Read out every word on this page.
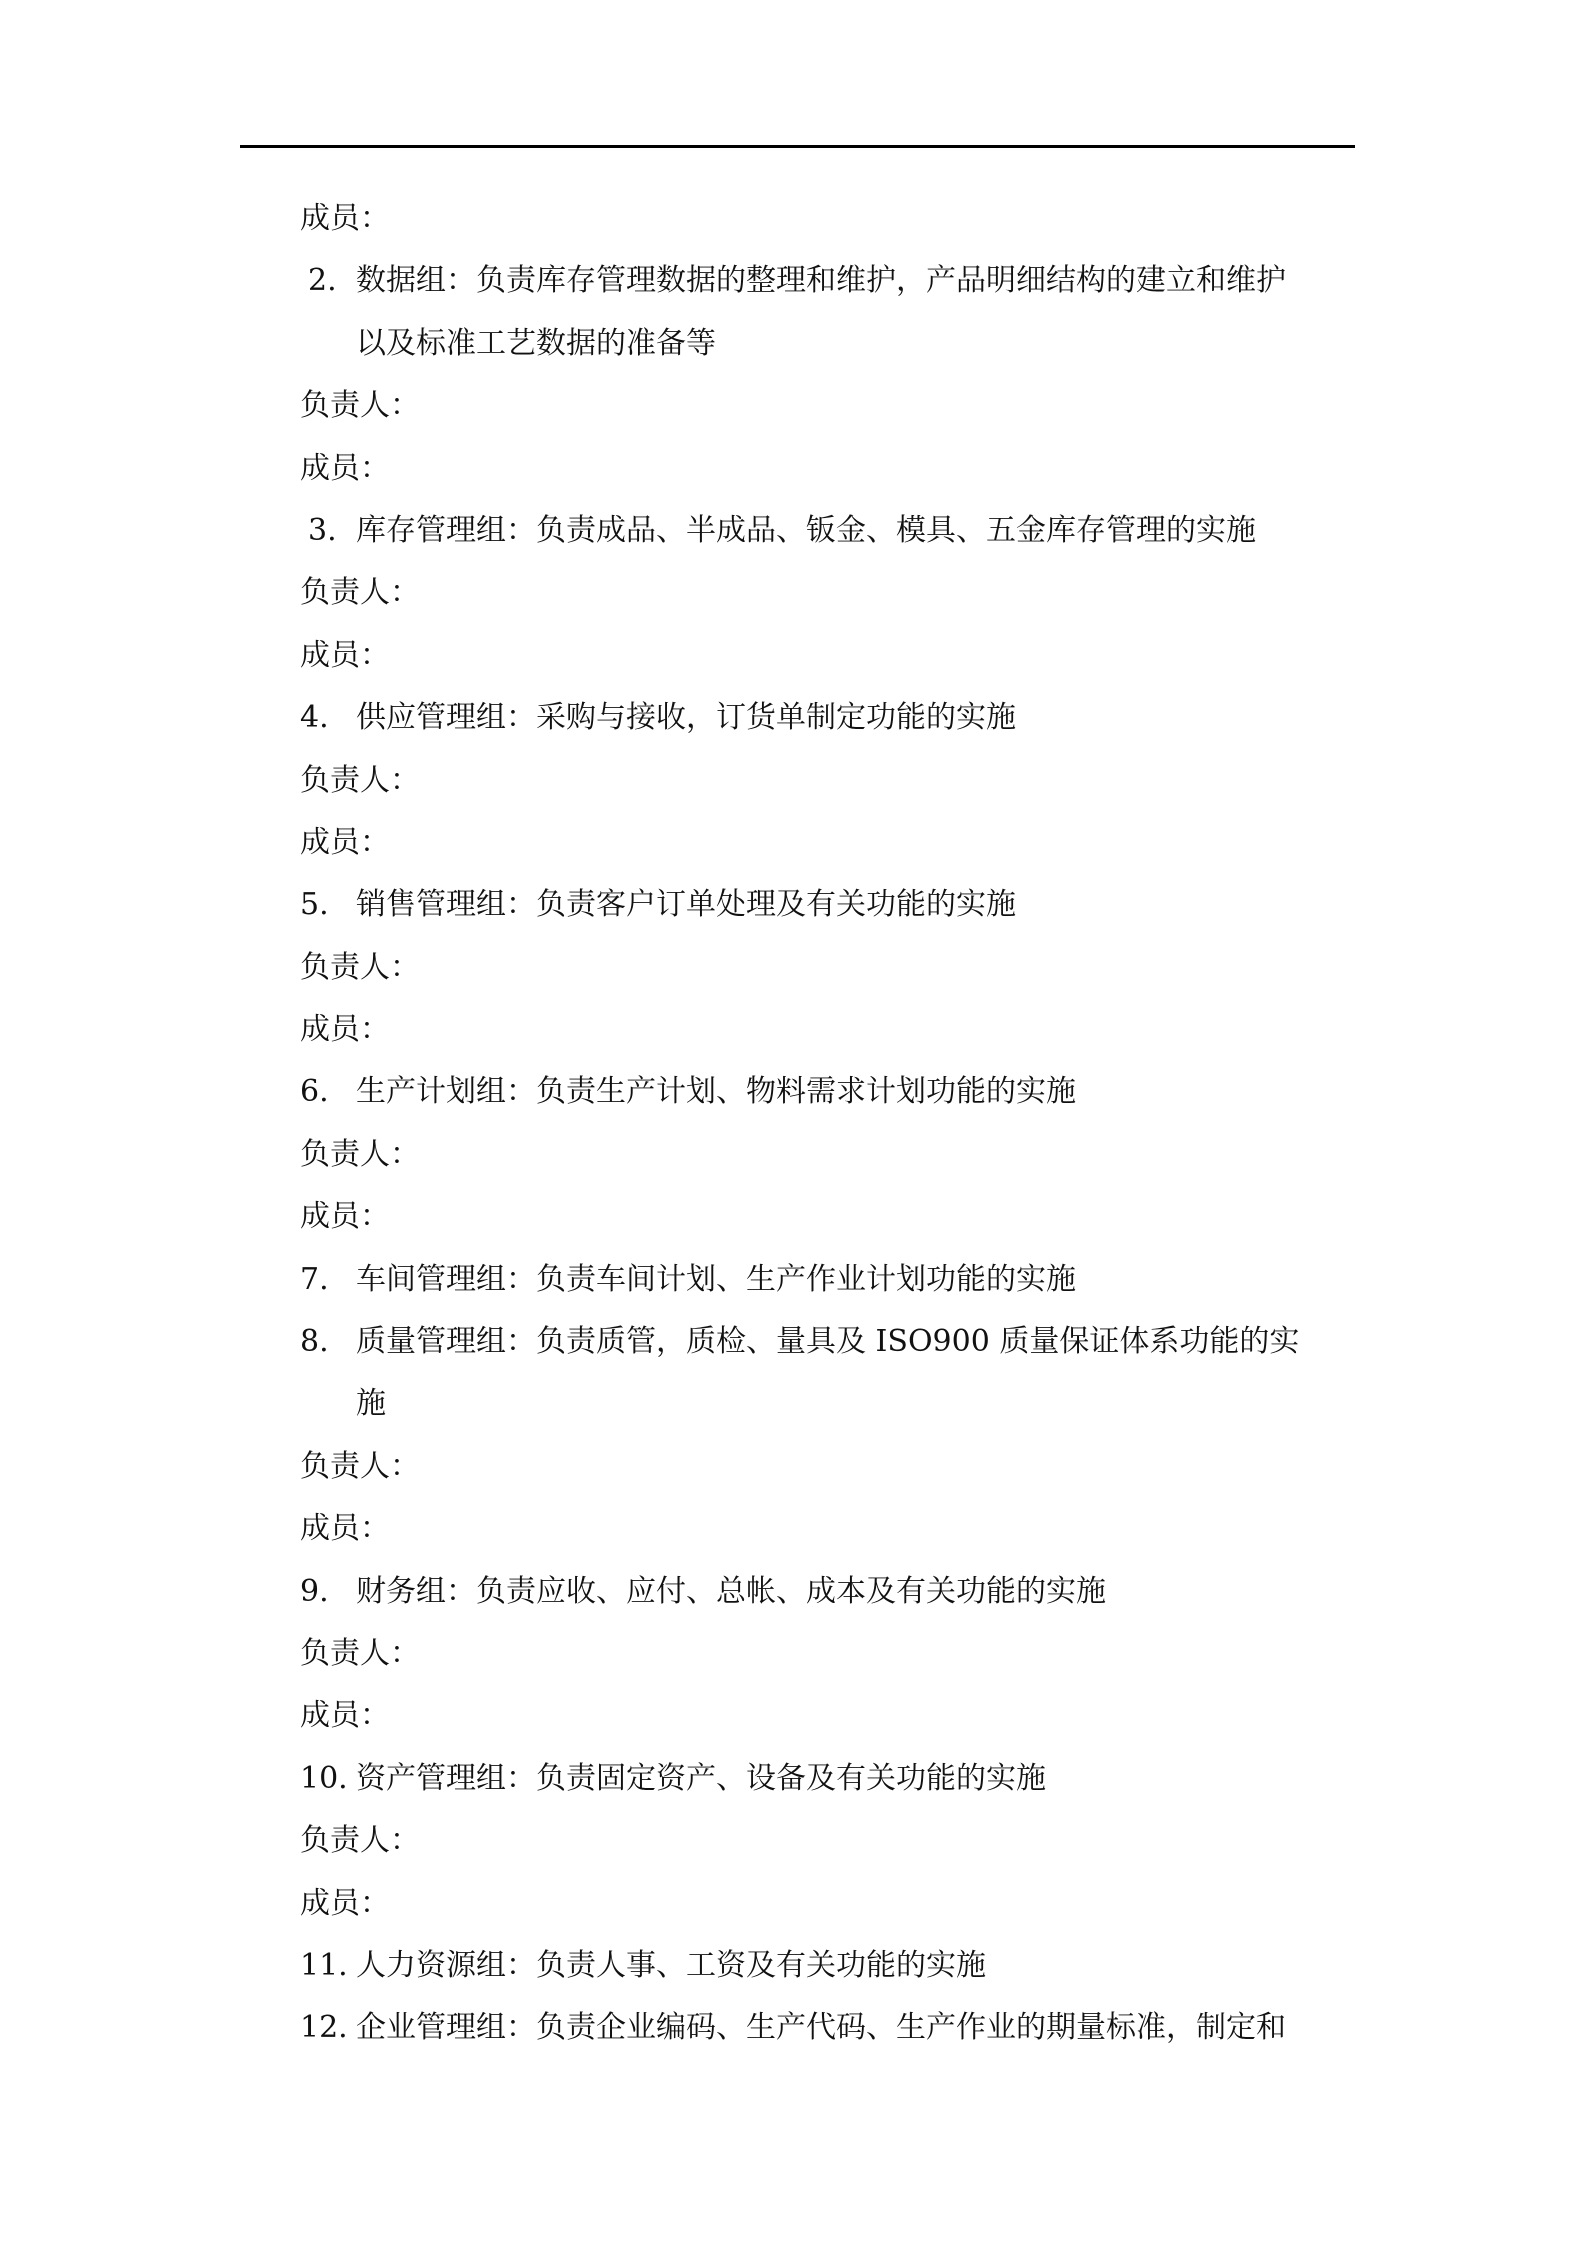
成员：
2. 数据组：负责库存管理数据的整理和维护，产品明细结构的建立和维护
以及标准工艺数据的准备等
负责人：
成员：
3. 库存管理组：负责成品、半成品、钣金、模具、五金库存管理的实施
负责人：
成员：
4. 供应管理组：采购与接收，订货单制定功能的实施
负责人：
成员：
5. 销售管理组：负责客户订单处理及有关功能的实施
负责人：
成员：
6. 生产计划组：负责生产计划、物料需求计划功能的实施
负责人：
成员：
7. 车间管理组：负责车间计划、生产作业计划功能的实施
8. 质量管理组：负责质管，质检、量具及 ISO900 质量保证体系功能的实
施
负责人：
成员：
9. 财务组：负责应收、应付、总帐、成本及有关功能的实施
负责人：
成员：
10. 资产管理组：负责固定资产、设备及有关功能的实施
负责人：
成员：
11. 人力资源组：负责人事、工资及有关功能的实施
12. 企业管理组：负责企业编码、生产代码、生产作业的期量标准，制定和
